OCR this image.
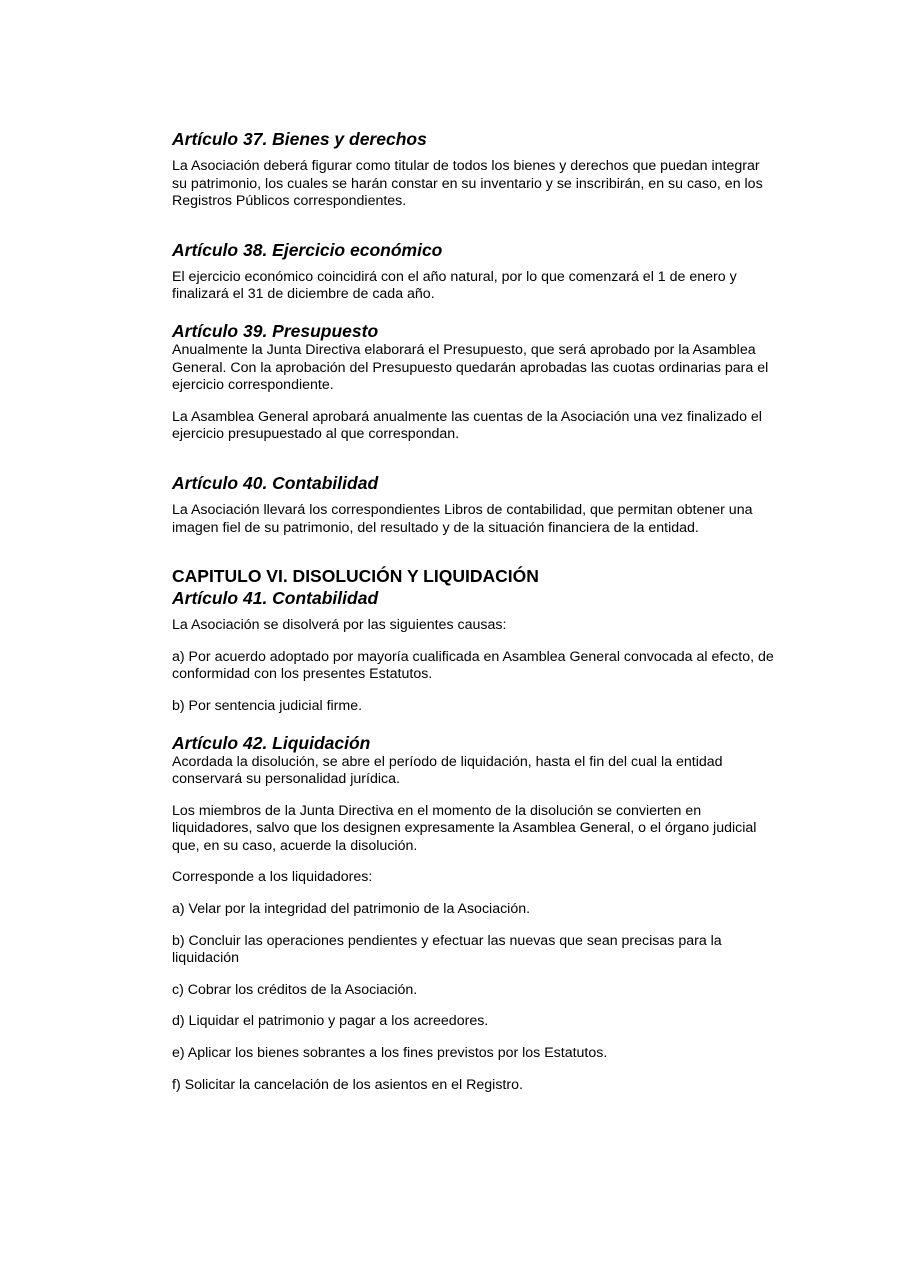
Artículo 37. Bienes y derechos

La Asociación deberá figurar como titular de todos los bienes y derechos que puedan integrar
su patrimonio, los cuales se harán constar en su inventario y se inscribirán, en su caso, en los
Registros Públicos correspondientes.

Artículo 38. Ejercicio económico

El ejercicio económico coincidirá con el año natural, por lo que comenzará el 1 de enero y
finalizará el 31 de diciembre de cada año.

Artículo 39. Presupuesto

Anualmente la Junta Directiva elaborará el Presupuesto, que será aprobado por la Asamblea
General. Con la aprobación del Presupuesto quedarán aprobadas las cuotas ordinarias para el
ejercicio correspondiente.

La Asamblea General aprobará anualmente las cuentas de la Asociación una vez finalizado el
ejercicio presupuestado al que correspondan.

Artículo 40. Contabilidad

La Asociación llevará los correspondientes Libros de contabilidad, que permitan obtener una
imagen fiel de su patrimonio, del resultado y de la situación financiera de la entidad.

CAPITULO VI. DISOLUCIÓN Y LIQUIDACIÓN
Artículo 41. Contabilidad

La Asociación se disolverá por las siguientes causas:

a) Por acuerdo adoptado por mayoría cualificada en Asamblea General convocada al efecto, de
conformidad con los presentes Estatutos.

b) Por sentencia judicial firme.

Artículo 42. Liquidación

Acordada la disolución, se abre el período de liquidación, hasta el fin del cual la entidad
conservará su personalidad jurídica.

Los miembros de la Junta Directiva en el momento de la disolución se convierten en
liquidadores, salvo que los designen expresamente la Asamblea General, o el órgano judicial
que, en su caso, acuerde la disolución.

Corresponde a los liquidadores:

a) Velar por la integridad del patrimonio de la Asociación.

b) Concluir las operaciones pendientes y efectuar las nuevas que sean precisas para la
liquidación

c) Cobrar los créditos de la Asociación.

d) Liquidar el patrimonio y pagar a los acreedores.

e) Aplicar los bienes sobrantes a los fines previstos por los Estatutos.

f) Solicitar la cancelación de los asientos en el Registro.
